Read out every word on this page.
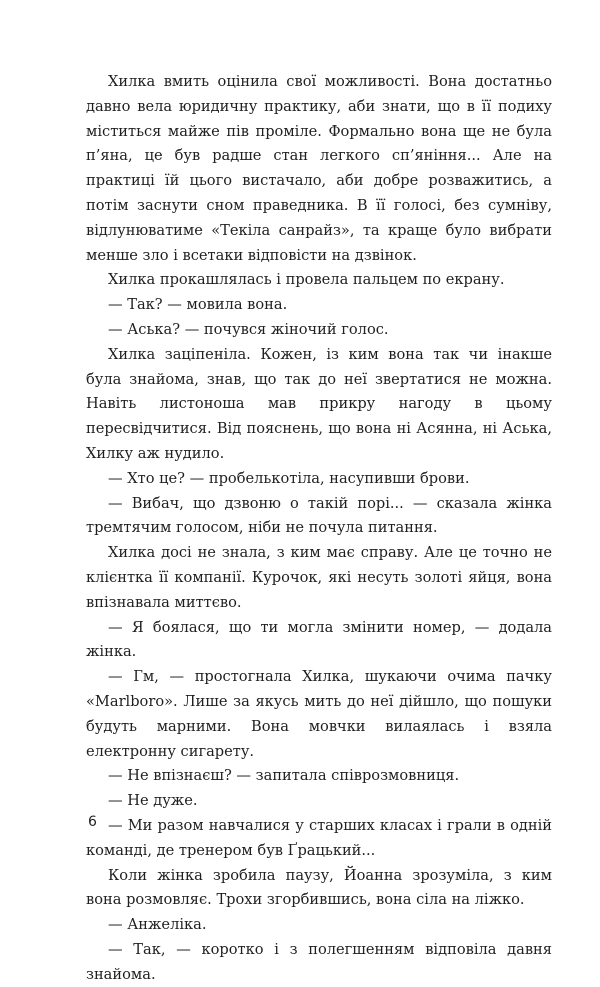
Хилка вмить оцінила свої можливості. Вона достатньо давно вела юридичну практику, аби знати, що в її подиху міститься майже пів проміле. Формально вона ще не була п’яна, це був радше стан легкого сп’яніння... Але на практиці їй цього вистачало, аби добре розважитись, а потім заснути сном праведника. В її голосі, без сумніву, відлунюватиме «Текіла санрайз», та краще було вибрати менше зло і всетаки відповісти на дзвінок.

Хилка прокашлялась і провела пальцем по екрану.

— Так? — мовила вона.

— Аська? — почувся жіночий голос.

Хилка заціпеніла. Кожен, із ким вона так чи інакше була знайома, знав, що так до неї звертатися не можна. Навіть листоноша мав прикру нагоду в цьому пересвідчитися. Від пояснень, що вона ні Асянна, ні Аська, Хилку аж нудило.

— Хто це? — пробелькотіла, насупивши брови.

— Вибач, що дзвоню о такій порі... — сказала жінка тремтячим голосом, ніби не почула питання.

Хилка досі не знала, з ким має справу. Але це точно не клієнтка її компанії. Курочок, які несуть золоті яйця, вона впізнавала миттєво.

— Я боялася, що ти могла змінити номер, — додала жінка.

— Гм, — простогнала Хилка, шукаючи очима пачку «Marlboro». Лише за якусь мить до неї дійшло, що пошуки будуть марними. Вона мовчки вилаялась і взяла електронну сигарету.

— Не впізнаєш? — запитала співрозмовниця.

— Не дуже.

— Ми разом навчалися у старших класах і грали в одній команді, де тренером був Ґрацький...

Коли жінка зробила паузу, Йоанна зрозуміла, з ким вона розмовляє. Трохи згорбившись, вона сіла на ліжко.

— Анжеліка.

— Так, — коротко і з полегшенням відповіла давня знайома.

6
